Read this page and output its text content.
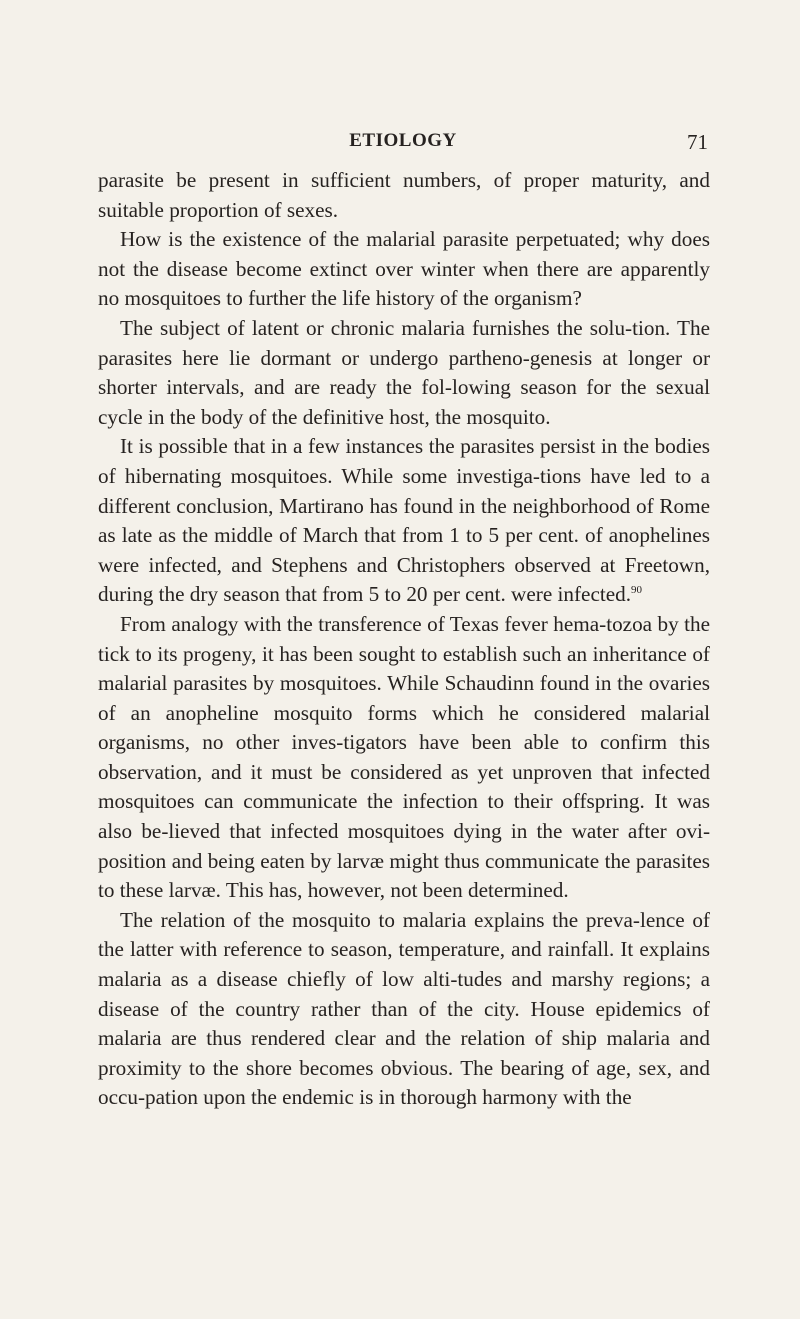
ETIOLOGY	71

parasite be present in sufficient numbers, of proper maturity, and suitable proportion of sexes.

How is the existence of the malarial parasite perpetuated; why does not the disease become extinct over winter when there are apparently no mosquitoes to further the life history of the organism?

The subject of latent or chronic malaria furnishes the solu-tion. The parasites here lie dormant or undergo partheno-genesis at longer or shorter intervals, and are ready the fol-lowing season for the sexual cycle in the body of the definitive host, the mosquito.

It is possible that in a few instances the parasites persist in the bodies of hibernating mosquitoes. While some investiga-tions have led to a different conclusion, Martirano has found in the neighborhood of Rome as late as the middle of March that from 1 to 5 per cent. of anophelines were infected, and Stephens and Christophers observed at Freetown, during the dry season that from 5 to 20 per cent. were infected.$^{90}$

From analogy with the transference of Texas fever hema-tozoa by the tick to its progeny, it has been sought to establish such an inheritance of malarial parasites by mosquitoes. While Schaudinn found in the ovaries of an anopheline mosquito forms which he considered malarial organisms, no other inves-tigators have been able to confirm this observation, and it must be considered as yet unproven that infected mosquitoes can communicate the infection to their offspring. It was also be-lieved that infected mosquitoes dying in the water after ovi-position and being eaten by larvæ might thus communicate the parasites to these larvæ. This has, however, not been determined.

The relation of the mosquito to malaria explains the preva-lence of the latter with reference to season, temperature, and rainfall. It explains malaria as a disease chiefly of low alti-tudes and marshy regions; a disease of the country rather than of the city. House epidemics of malaria are thus rendered clear and the relation of ship malaria and proximity to the shore becomes obvious. The bearing of age, sex, and occu-pation upon the endemic is in thorough harmony with the
